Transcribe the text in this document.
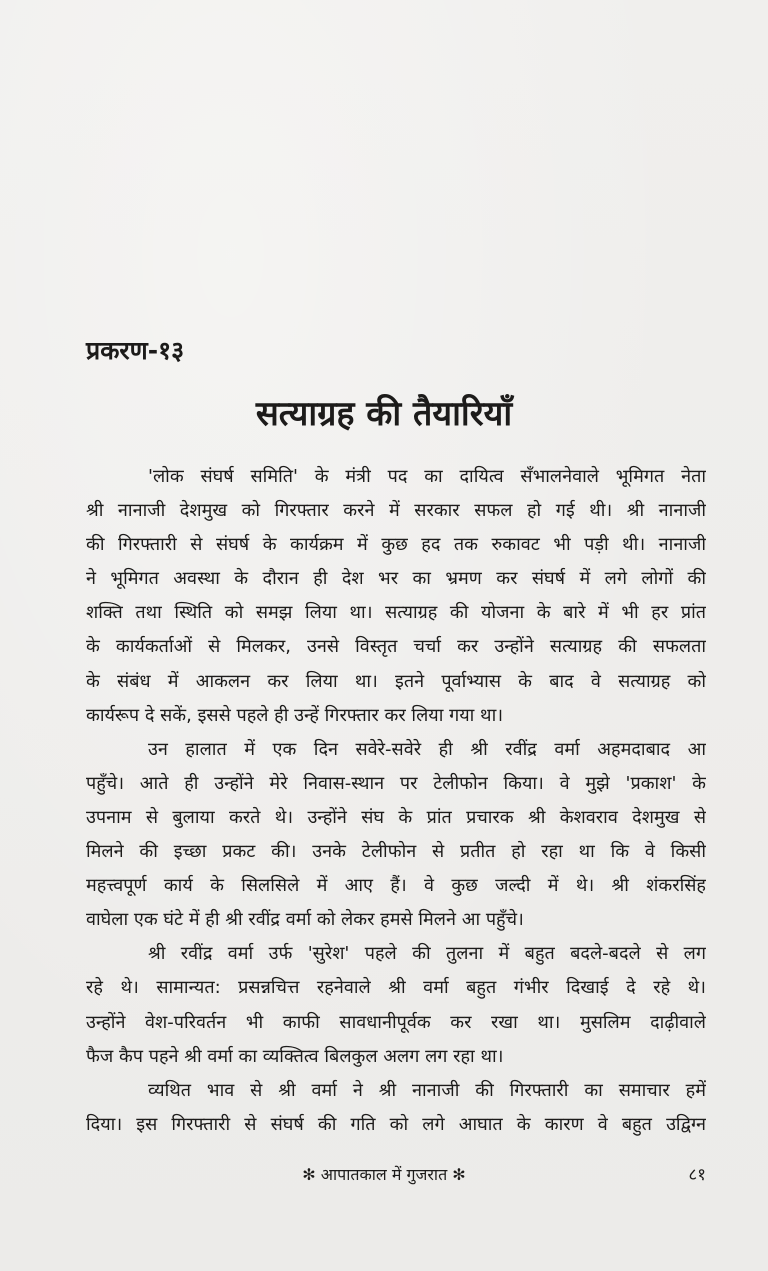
प्रकरण-१३
सत्याग्रह की तैयारियाँ

'लोक संघर्ष समिति' के मंत्री पद का दायित्व सँभालनेवाले भूमिगत नेता
श्री नानाजी देशमुख को गिरफ्तार करने में सरकार सफल हो गई थी। श्री नानाजी
की गिरफ्तारी से संघर्ष के कार्यक्रम में कुछ हद तक रुकावट भी पड़ी थी। नानाजी
ने भूमिगत अवस्था के दौरान ही देश भर का भ्रमण कर संघर्ष में लगे लोगों की
शक्ति तथा स्थिति को समझ लिया था। सत्याग्रह की योजना के बारे में भी हर प्रांत
के कार्यकर्ताओं से मिलकर, उनसे विस्तृत चर्चा कर उन्होंने सत्याग्रह की सफलता
के संबंध में आकलन कर लिया था। इतने पूर्वाभ्यास के बाद वे सत्याग्रह को
कार्यरूप दे सकें, इससे पहले ही उन्हें गिरफ्तार कर लिया गया था।

उन हालात में एक दिन सवेरे-सवेरे ही श्री रवींद्र वर्मा अहमदाबाद आ
पहुँचे। आते ही उन्होंने मेरे निवास-स्थान पर टेलीफोन किया। वे मुझे 'प्रकाश' के
उपनाम से बुलाया करते थे। उन्होंने संघ के प्रांत प्रचारक श्री केशवराव देशमुख से
मिलने की इच्छा प्रकट की। उनके टेलीफोन से प्रतीत हो रहा था कि वे किसी
महत्त्वपूर्ण कार्य के सिलसिले में आए हैं। वे कुछ जल्दी में थे। श्री शंकरसिंह
वाघेला एक घंटे में ही श्री रवींद्र वर्मा को लेकर हमसे मिलने आ पहुँचे।

श्री रवींद्र वर्मा उर्फ 'सुरेश' पहले की तुलना में बहुत बदले-बदले से लग
रहे थे। सामान्यत: प्रसन्नचित्त रहनेवाले श्री वर्मा बहुत गंभीर दिखाई दे रहे थे।
उन्होंने वेश-परिवर्तन भी काफी सावधानीपूर्वक कर रखा था। मुसलिम दाढ़ीवाले
फैज कैप पहने श्री वर्मा का व्यक्तित्व बिलकुल अलग लग रहा था।

व्यथित भाव से श्री वर्मा ने श्री नानाजी की गिरफ्तारी का समाचार हमें
दिया। इस गिरफ्तारी से संघर्ष की गति को लगे आघात के कारण वे बहुत उद्विग्न

✻ आपातकाल में गुजरात ✻	८१
